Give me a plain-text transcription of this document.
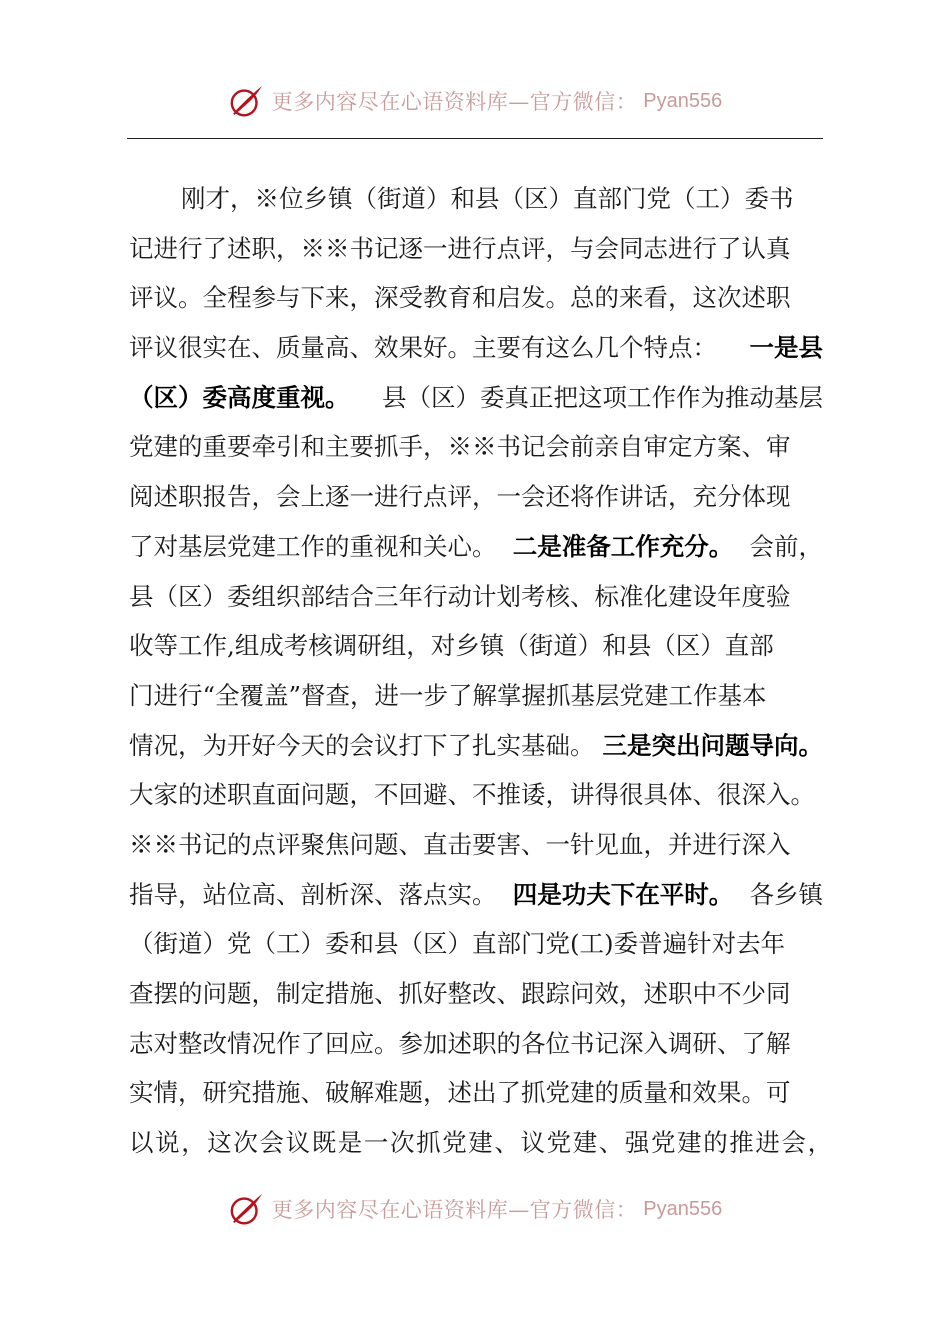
更多内容尽在心语资料库—官方微信： Pyan556
刚才，※位乡镇（街道）和县（区）直部门党（工）委书
记进行了述职，※※书记逐一进行点评，与会同志进行了认真
评议。全程参与下来，深受教育和启发。总的来看，这次述职
评议很实在、质量高、效果好。主要有这么几个特点： 一是县
（区）委高度重视。 县（区）委真正把这项工作作为推动基层
党建的重要牵引和主要抓手，※※书记会前亲自审定方案、审
阅述职报告，会上逐一进行点评，一会还将作讲话，充分体现
了对基层党建工作的重视和关心。 二是准备工作充分。 会前，
县（区）委组织部结合三年行动计划考核、标准化建设年度验
收等工作,组成考核调研组，对乡镇（街道）和县（区）直部
门进行“全覆盖”督查，进一步了解掌握抓基层党建工作基本
情况，为开好今天的会议打下了扎实基础。 三是突出问题导向。
大家的述职直面问题，不回避、不推诿，讲得很具体、很深入。
※※书记的点评聚焦问题、直击要害、一针见血，并进行深入
指导，站位高、剖析深、落点实。 四是功夫下在平时。 各乡镇
（街道）党（工）委和县（区）直部门党(工)委普遍针对去年
查摆的问题，制定措施、抓好整改、跟踪问效，述职中不少同
志对整改情况作了回应。参加述职的各位书记深入调研、了解
实情，研究措施、破解难题，述出了抓党建的质量和效果。可
以说，这次会议既是一次抓党建、议党建、强党建的推进会，
更多内容尽在心语资料库—官方微信： Pyan556
